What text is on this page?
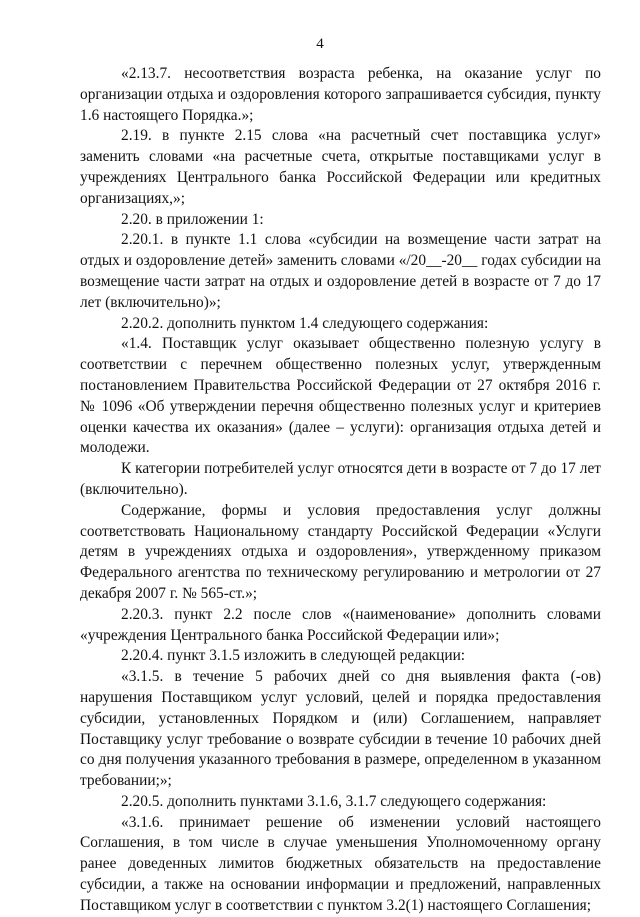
4

«2.13.7. несоответствия возраста ребенка, на оказание услуг по организации отдыха и оздоровления которого запрашивается субсидия, пункту 1.6 настоящего Порядка.»;

2.19. в пункте 2.15 слова «на расчетный счет поставщика услуг» заменить словами «на расчетные счета, открытые поставщиками услуг в учреждениях Центрального банка Российской Федерации или кредитных организациях,»;

2.20. в приложении 1:

2.20.1. в пункте 1.1 слова «субсидии на возмещение части затрат на отдых и оздоровление детей» заменить словами «/20__-20__ годах субсидии на возмещение части затрат на отдых и оздоровление детей в возрасте от 7 до 17 лет (включительно)»;

2.20.2. дополнить пунктом 1.4 следующего содержания:

«1.4. Поставщик услуг оказывает общественно полезную услугу в соответствии с перечнем общественно полезных услуг, утвержденным постановлением Правительства Российской Федерации от 27 октября 2016 г. № 1096 «Об утверждении перечня общественно полезных услуг и критериев оценки качества их оказания» (далее – услуги): организация отдыха детей и молодежи.

К категории потребителей услуг относятся дети в возрасте от 7 до 17 лет (включительно).

Содержание, формы и условия предоставления услуг должны соответствовать Национальному стандарту Российской Федерации «Услуги детям в учреждениях отдыха и оздоровления», утвержденному приказом Федерального агентства по техническому регулированию и метрологии от 27 декабря 2007 г. № 565-ст.»;

2.20.3. пункт 2.2 после слов «(наименование» дополнить словами «учреждения Центрального банка Российской Федерации или»;

2.20.4. пункт 3.1.5 изложить в следующей редакции:

«3.1.5. в течение 5 рабочих дней со дня выявления факта (-ов) нарушения Поставщиком услуг условий, целей и порядка предоставления субсидии, установленных Порядком и (или) Соглашением, направляет Поставщику услуг требование о возврате субсидии в течение 10 рабочих дней со дня получения указанного требования в размере, определенном в указанном требовании;»;

2.20.5. дополнить пунктами 3.1.6, 3.1.7 следующего содержания:

«3.1.6. принимает решение об изменении условий настоящего Соглашения, в том числе в случае уменьшения Уполномоченному органу ранее доведенных лимитов бюджетных обязательств на предоставление субсидии, а также на основании информации и предложений, направленных Поставщиком услуг в соответствии с пунктом 3.2(1) настоящего Соглашения;
